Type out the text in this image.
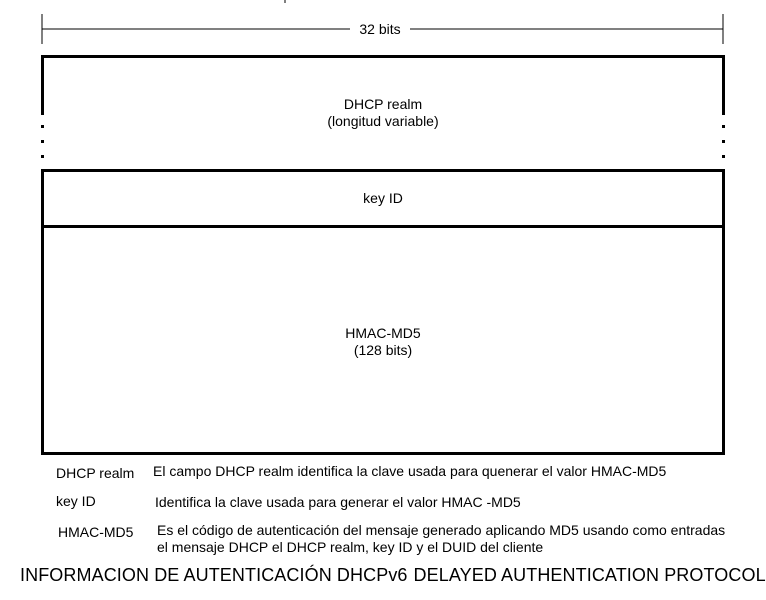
32 bits
DHCP realm
(longitud variable)
key ID
HMAC-MD5
(128 bits)
DHCP realm El campo DHCP realm identifica la clave usada para quenerar el valor HMAC-MD5
key ID	Identifica la clave usada para generar el valor HMAC -MD5
HMAC-MD5 Es el código de autenticación del mensaje generado aplicando MD5 usando como entradas
el mensaje DHCP el DHCP realm, key ID y el DUID del cliente
INFORMACION DE AUTENTICACIÓN DHCPv6 DELAYED AUTHENTICATION PROTOCOL
